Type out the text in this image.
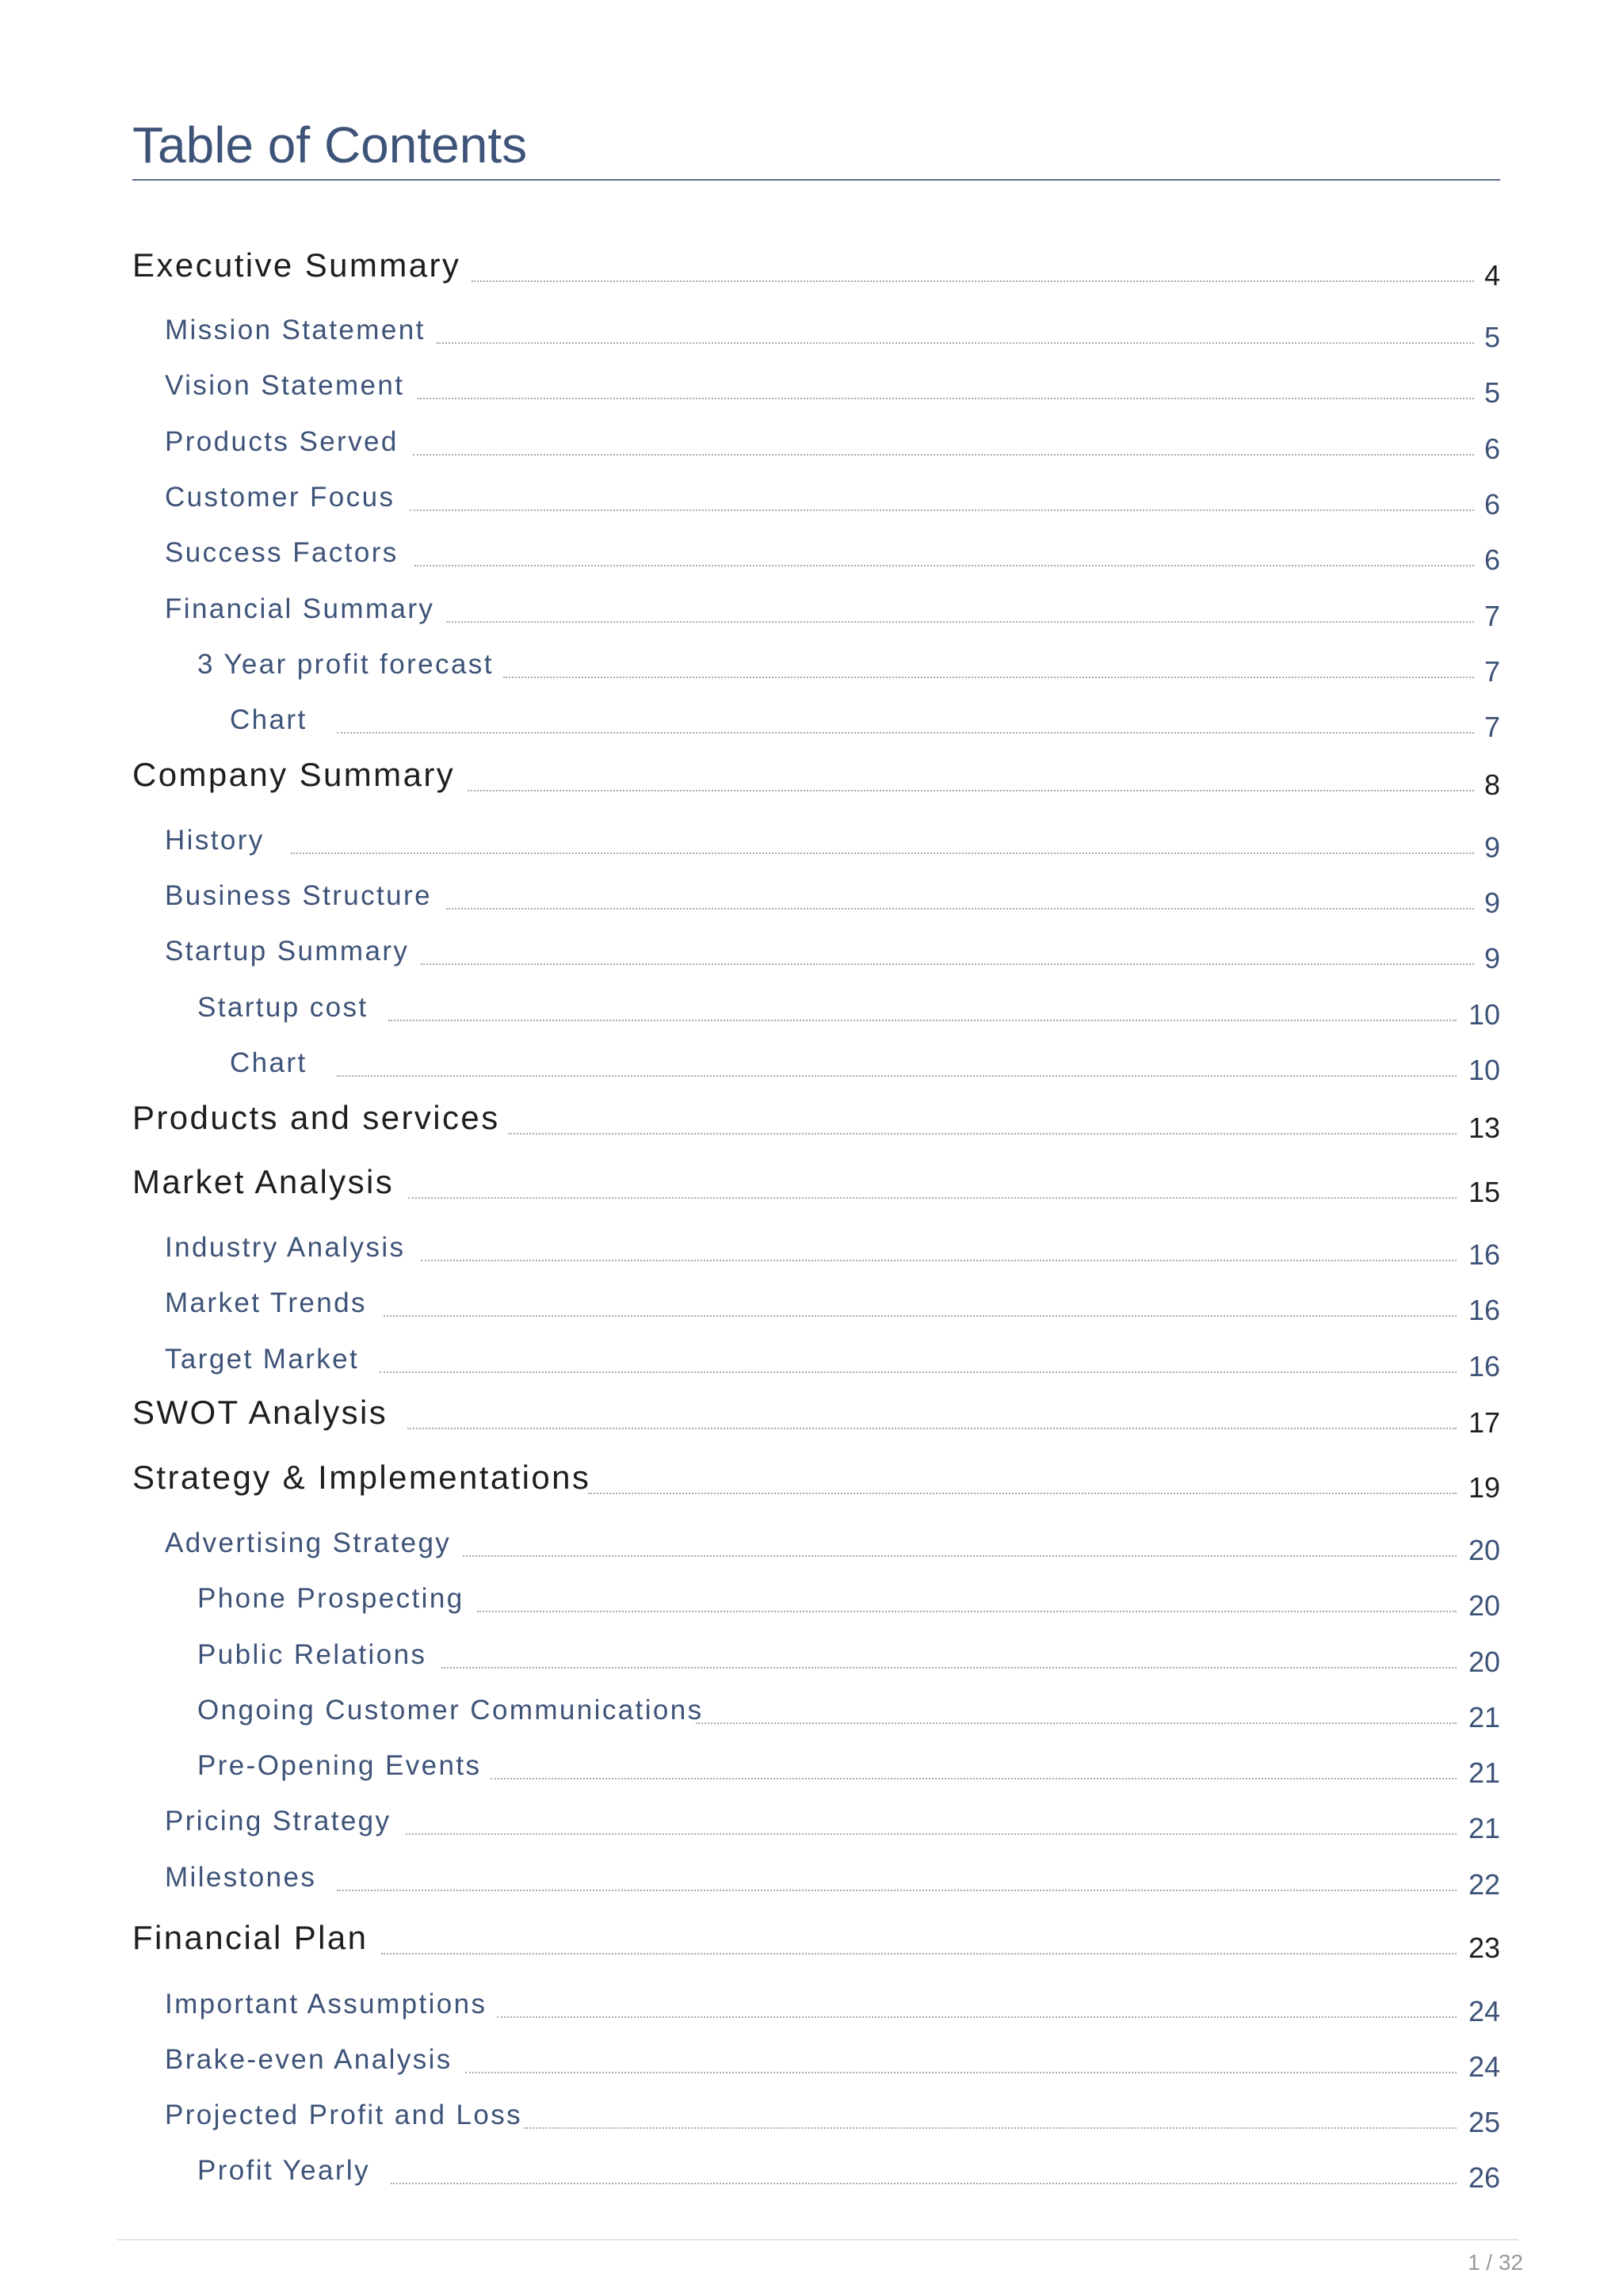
Table of Contents
Executive Summary	4
Mission Statement	5
Vision Statement	5
Products Served	6
Customer Focus	6
Success Factors	6
Financial Summary	7
3 Year profit forecast	7
Chart	7
Company Summary	8
History	9
Business Structure	9
Startup Summary	9
Startup cost	10
Chart	10
Products and services	13
Market Analysis	15
Industry Analysis	16
Market Trends	16
Target Market	16
SWOT Analysis	17
Strategy & Implementations	19
Advertising Strategy	20
Phone Prospecting	20
Public Relations	20
Ongoing Customer Communications	21
Pre-Opening Events	21
Pricing Strategy	21
Milestones	22
Financial Plan	23
Important Assumptions	24
Brake-even Analysis	24
Projected Profit and Loss	25
Profit Yearly	26
1 / 32
